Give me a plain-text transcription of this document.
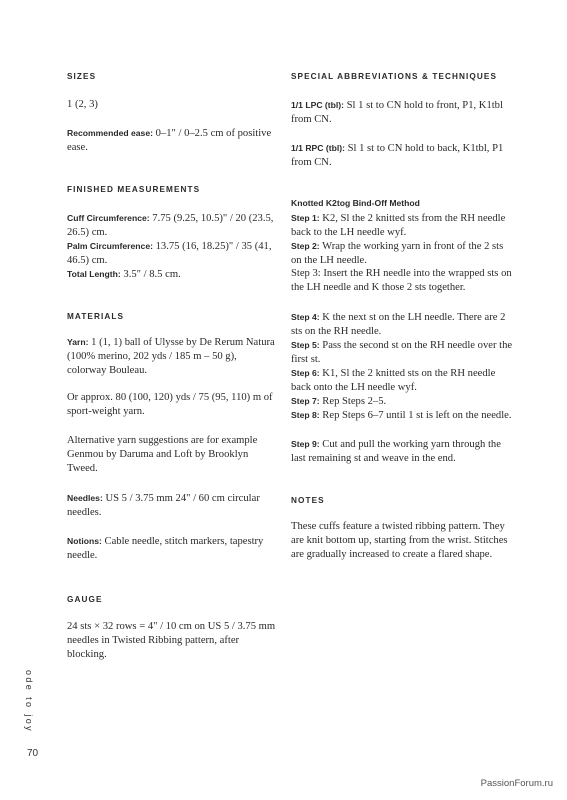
SIZES

1 (2, 3)

Recommended ease: 0–1" / 0–2.5 cm of positive ease.

FINISHED MEASUREMENTS

Cuff Circumference: 7.75 (9.25, 10.5)" / 20 (23.5, 26.5) cm.

Palm Circumference: 13.75 (16, 18.25)" / 35 (41, 46.5) cm.

Total Length: 3.5" / 8.5 cm.

MATERIALS

Yarn: 1 (1, 1) ball of Ulysse by De Rerum Natura (100% merino, 202 yds / 185 m – 50 g), colorway Bouleau.

Or approx. 80 (100, 120) yds / 75 (95, 110) m of sport-weight yarn.

Alternative yarn suggestions are for example Genmou by Daruma and Loft by Brooklyn Tweed.

Needles: US 5 / 3.75 mm 24" / 60 cm circular needles.

Notions: Cable needle, stitch markers, tapestry needle.

GAUGE

24 sts × 32 rows = 4" / 10 cm on US 5 / 3.75 mm needles in Twisted Ribbing pattern, after blocking.

SPECIAL ABBREVIATIONS & TECHNIQUES

1/1 LPC (tbl): Sl 1 st to CN hold to front, P1, K1tbl from CN.

1/1 RPC (tbl): Sl 1 st to CN hold to back, K1tbl, P1 from CN.

Knotted K2tog Bind-Off Method

Step 1: K2, Sl the 2 knitted sts from the RH needle back to the LH needle wyf.

Step 2: Wrap the working yarn in front of the 2 sts on the LH needle.

Step 3: Insert the RH needle into the wrapped sts on the LH needle and K those 2 sts together.

Step 4: K the next st on the LH needle. There are 2 sts on the RH needle.

Step 5: Pass the second st on the RH needle over the first st.

Step 6: K1, Sl the 2 knitted sts on the RH needle back onto the LH needle wyf.

Step 7: Rep Steps 2–5.

Step 8: Rep Steps 6–7 until 1 st is left on the needle.

Step 9: Cut and pull the working yarn through the last remaining st and weave in the end.

NOTES

These cuffs feature a twisted ribbing pattern. They are knit bottom up, starting from the wrist. Stitches are gradually increased to create a flared shape.

ode to joy
70
PassionForum.ru
